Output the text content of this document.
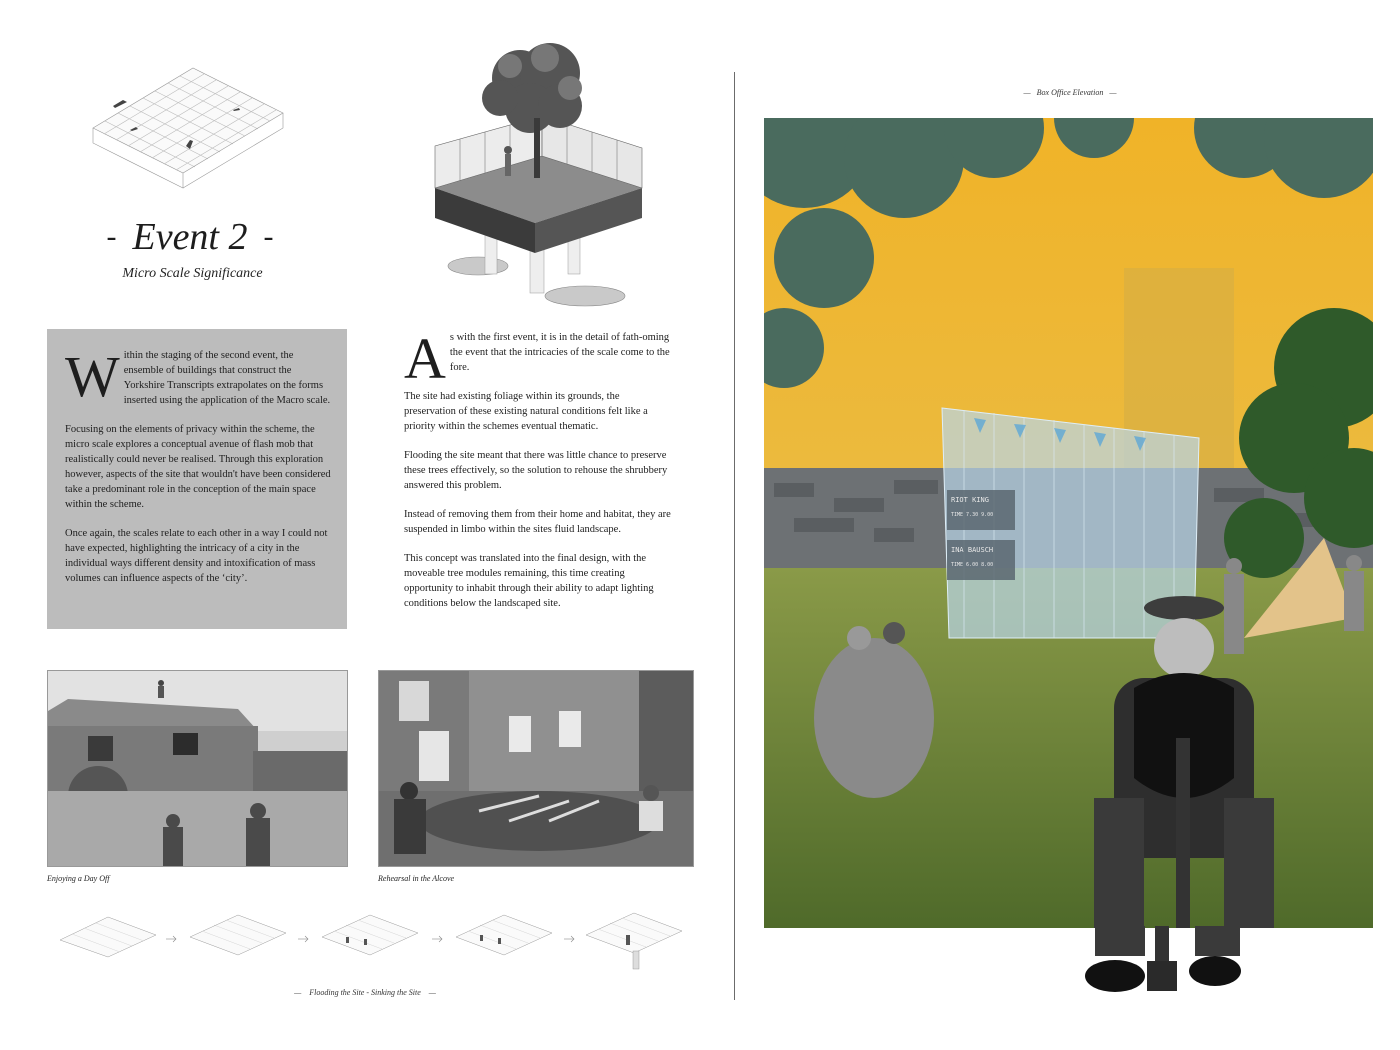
- Event 2 -
Micro Scale Significance

Within the staging of the second event, the ensemble of buildings that construct the Yorkshire Transcripts extrapolates on the forms inserted using the application of the Macro scale.

Focusing on the elements of privacy within the scheme, the micro scale explores a conceptual avenue of flash mob that realistically could never be realised. Through this exploration however, aspects of the site that wouldn't have been considered take a predominant role in the conception of the main space within the scheme.

Once again, the scales relate to each other in a way I could not have expected, highlighting the intricacy of a city in the individual ways different density and intoxification of mass volumes can influence aspects of the ‘city’.

As with the first event, it is in the detail of fath-oming the event that the intricacies of the scale come to the fore.

The site had existing foliage within its grounds, the preservation of these existing natural conditions felt like a priority within the schemes eventual thematic.

Flooding the site meant that there was little chance to preserve these trees effectively, so the solution to rehouse the shrubbery answered this problem.

Instead of removing them from their home and habitat, they are suspended in limbo within the sites fluid landscape.

This concept was translated into the final design, with the moveable tree modules remaining, this time creating opportunity to inhabit through their ability to adapt lighting conditions below the landscaped site.

Enjoying a Day Off	Rehearsal in the Alcove
— Flooding the Site - Sinking the Site —
— Box Office Elevation —
RIOT KING
TIME 7.30 9.00
INA BAUSCH
TIME 6.00 8.00
